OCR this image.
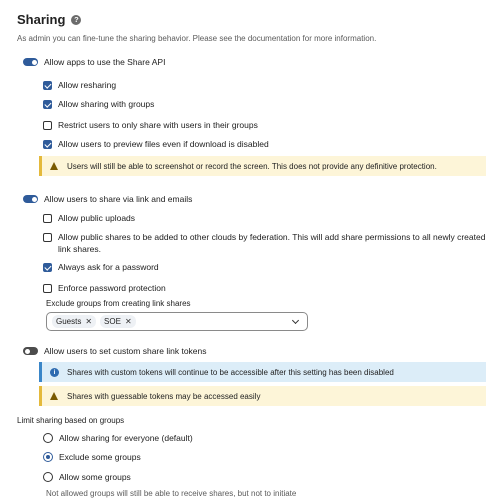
Sharing	?
As admin you can fine-tune the sharing behavior. Please see the documentation for more information.
Allow apps to use the Share API
Allow resharing
Allow sharing with groups
Restrict users to only share with users in their groups
Allow users to preview files even if download is disabled
Users will still be able to screenshot or record the screen. This does not provide any definitive protection.
Allow users to share via link and emails
Allow public uploads
Allow public shares to be added to other clouds by federation. This will add share permissions to all newly created link shares.
Always ask for a password
Enforce password protection
Exclude groups from creating link shares
Guests ✕ SOE ✕
Allow users to set custom share link tokens
i	Shares with custom tokens will continue to be accessible after this setting has been disabled
Shares with guessable tokens may be accessed easily
Limit sharing based on groups
Allow sharing for everyone (default)
Exclude some groups
Allow some groups
Not allowed groups will still be able to receive shares, but not to initiate
